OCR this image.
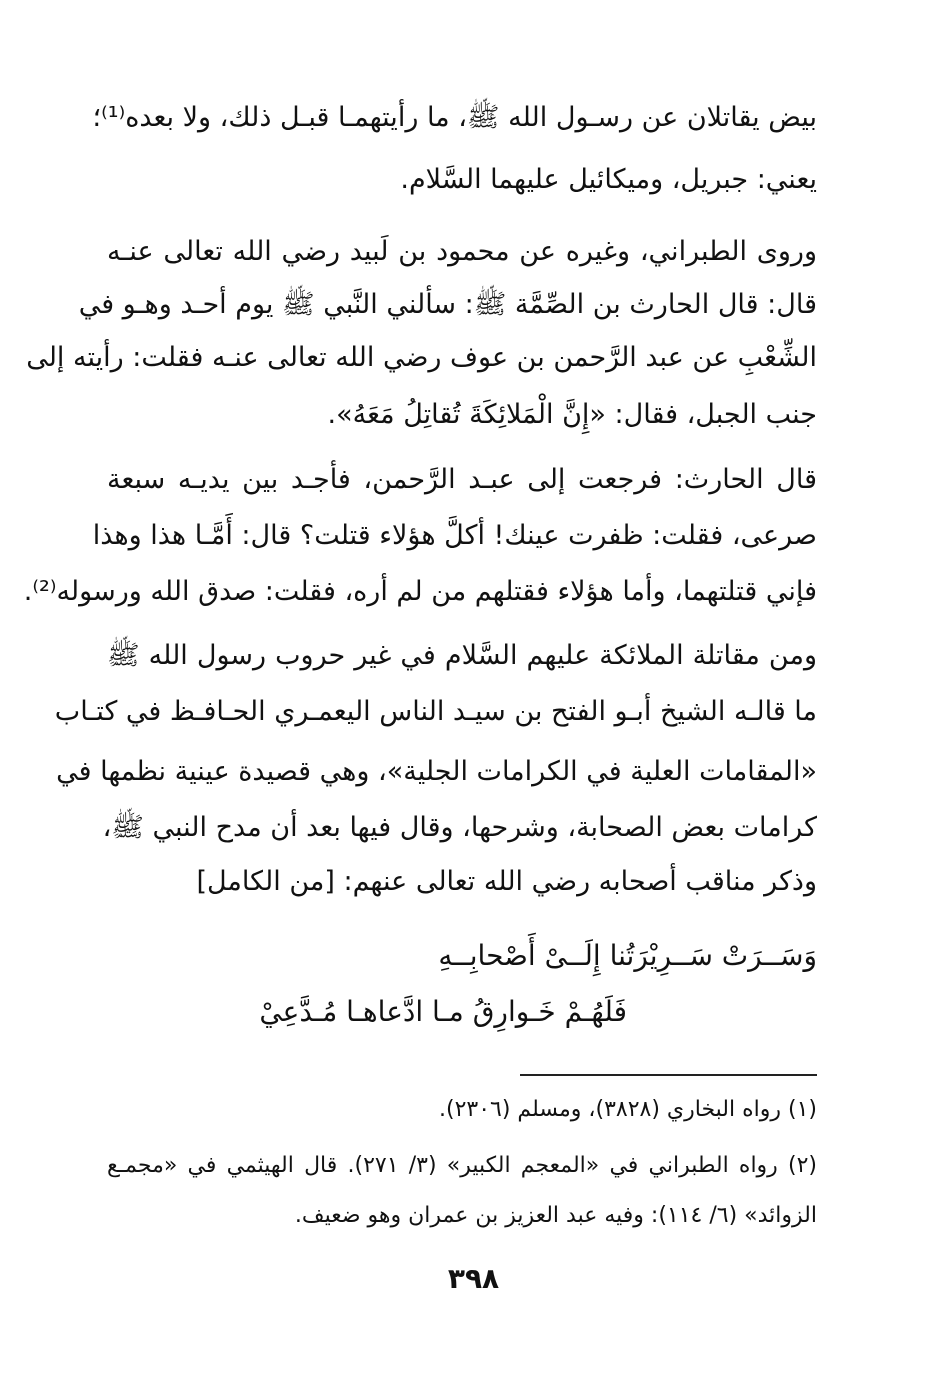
بيض يقاتلان عن رسـول الله ﷺ، ما رأيتهمـا قبـل ذلك، ولا بعده⁽¹⁾؛
يعني: جبريل، وميكائيل عليهما السَّلام.
وروى الطبراني، وغيره عن محمود بن لَبيد رضي الله تعالى عنـه
قال: قال الحارث بن الصِّمَّة ﷺ: سألني النَّبي ﷺ يوم أحـد وهـو في
الشِّعْبِ عن عبد الرَّحمن بن عوف رضي الله تعالى عنـه فقلت: رأيته إلى
جنب الجبل، فقال: «إِنَّ الْمَلائِكَةَ تُقاتِلُ مَعَهُ».
قال الحارث: فرجعت إلى عبـد الرَّحمن، فأجـد بين يديـه سبعة
صرعى، فقلت: ظفرت عينك! أكلَّ هؤلاء قتلت؟ قال: أَمَّـا هذا وهذا
فإني قتلتهما، وأما هؤلاء فقتلهم من لم أره، فقلت: صدق الله ورسوله⁽²⁾.
ومن مقاتلة الملائكة عليهم السَّلام في غير حروب رسول الله ﷺ
ما قالـه الشيخ أبـو الفتح بن سيـد الناس اليعمـري الحـافـظ في كتـاب
«المقامات العلية في الكرامات الجلية»، وهي قصيدة عينية نظمها في
كرامات بعض الصحابة، وشرحها، وقال فيها بعد أن مدح النبي ﷺ،
وذكر مناقب أصحابه رضي الله تعالى عنهم: [من الكامل]
وَسَــرَتْ سَــرِيْرَتُنا إِلَــىْ أَصْحابِــهِ
فَلَهُـمْ خَـوارِقُ مـا ادَّعاهـا مُـدَّعِيْ
(١) رواه البخاري (٣٨٢٨)، ومسلم (٢٣٠٦).
(٢) رواه الطبراني في «المعجم الكبير» (٣/ ٢٧١). قال الهيثمي في «مجمـع
الزوائد» (٦/ ١١٤): وفيه عبد العزيز بن عمران وهو ضعيف.
٣٩٨
